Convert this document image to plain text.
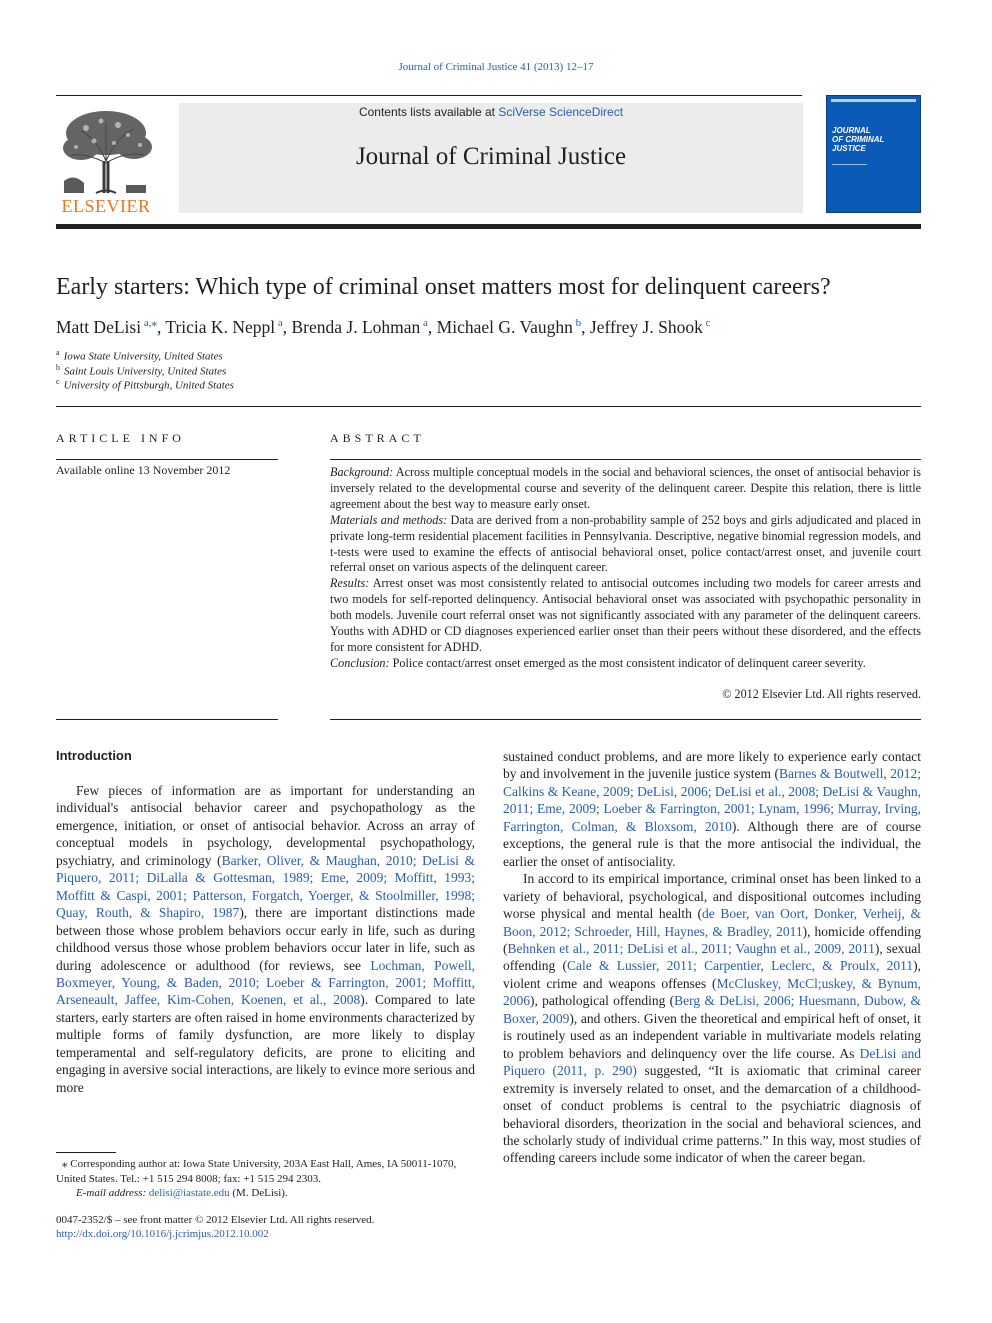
Journal of Criminal Justice 41 (2013) 12–17
ELSEVIER
Contents lists available at SciVerse ScienceDirect
Journal of Criminal Justice
JOURNAL
OF CRIMINAL
JUSTICE
Early starters: Which type of criminal onset matters most for delinquent careers?
Matt DeLisi $^{a,⁎}$, Tricia K. Neppl $^a$, Brenda J. Lohman $^a$, Michael G. Vaughn $^b$, Jeffrey J. Shook $^c$
$^a$ Iowa State University, United States
$^b$ Saint Louis University, United States
$^c$ University of Pittsburgh, United States
ARTICLE INFO	ABSTRACT
Available online 13 November 2012	Background: Across multiple conceptual models in the social and behavioral sciences, the onset of antisocial behavior is inversely related to the developmental course and severity of the delinquent career. Despite this relation, there is little agreement about the best way to measure early onset.

Materials and methods: Data are derived from a non-probability sample of 252 boys and girls adjudicated and placed in private long-term residential placement facilities in Pennsylvania. Descriptive, negative binomial regression models, and t-tests were used to examine the effects of antisocial behavioral onset, police contact/arrest onset, and juvenile court referral onset on various aspects of the delinquent career.

Results: Arrest onset was most consistently related to antisocial outcomes including two models for career arrests and two models for self-reported delinquency. Antisocial behavioral onset was associated with psychopathic personality in both models. Juvenile court referral onset was not significantly associated with any parameter of the delinquent careers. Youths with ADHD or CD diagnoses experienced earlier onset than their peers without these disordered, and the effects for more consistent for ADHD.

Conclusion: Police contact/arrest onset emerged as the most consistent indicator of delinquent career severity.

© 2012 Elsevier Ltd. All rights reserved.
Introduction

Few pieces of information are as important for understanding an individual's antisocial behavior career and psychopathology as the emergence, initiation, or onset of antisocial behavior. Across an array of conceptual models in psychology, developmental psychopathology, psychiatry, and criminology (Barker, Oliver, & Maughan, 2010; DeLisi & Piquero, 2011; DiLalla & Gottesman, 1989; Eme, 2009; Moffitt, 1993; Moffitt & Caspi, 2001; Patterson, Forgatch, Yoerger, & Stoolmiller, 1998; Quay, Routh, & Shapiro, 1987), there are important distinctions made between those whose problem behaviors occur early in life, such as during childhood versus those whose problem behaviors occur later in life, such as during adolescence or adulthood (for reviews, see Lochman, Powell, Boxmeyer, Young, & Baden, 2010; Loeber & Farrington, 2001; Moffitt, Arseneault, Jaffee, Kim-Cohen, Koenen, et al., 2008). Compared to late starters, early starters are often raised in home environments characterized by multiple forms of family dysfunction, are more likely to display temperamental and self-regulatory deficits, are prone to eliciting and engaging in aversive social interactions, are likely to evince more serious and more

sustained conduct problems, and are more likely to experience early contact by and involvement in the juvenile justice system (Barnes & Boutwell, 2012; Calkins & Keane, 2009; DeLisi, 2006; DeLisi et al., 2008; DeLisi & Vaughn, 2011; Eme, 2009; Loeber & Farrington, 2001; Lynam, 1996; Murray, Irving, Farrington, Colman, & Bloxsom, 2010). Although there are of course exceptions, the general rule is that the more antisocial the individual, the earlier the onset of antisociality.

In accord to its empirical importance, criminal onset has been linked to a variety of behavioral, psychological, and dispositional outcomes including worse physical and mental health (de Boer, van Oort, Donker, Verheij, & Boon, 2012; Schroeder, Hill, Haynes, & Bradley, 2011), homicide offending (Behnken et al., 2011; DeLisi et al., 2011; Vaughn et al., 2009, 2011), sexual offending (Cale & Lussier, 2011; Carpentier, Leclerc, & Proulx, 2011), violent crime and weapons offenses (McCluskey, McCl;uskey, & Bynum, 2006), pathological offending (Berg & DeLisi, 2006; Huesmann, Dubow, & Boxer, 2009), and others. Given the theoretical and empirical heft of onset, it is routinely used as an independent variable in multivariate models relating to problem behaviors and delinquency over the life course. As DeLisi and Piquero (2011, p. 290) suggested, “It is axiomatic that criminal career extremity is inversely related to onset, and the demarcation of a childhood-onset of conduct problems is central to the psychiatric diagnosis of behavioral disorders, theorization in the social and behavioral sciences, and the scholarly study of individual crime patterns.” In this way, most studies of offending careers include some indicator of when the career began.

⁎ Corresponding author at: Iowa State University, 203A East Hall, Ames, IA 50011-1070, United States. Tel.: +1 515 294 8008; fax: +1 515 294 2303.

E-mail address: delisi@iastate.edu (M. DeLisi).

0047-2352/$ – see front matter © 2012 Elsevier Ltd. All rights reserved.
http://dx.doi.org/10.1016/j.jcrimjus.2012.10.002
